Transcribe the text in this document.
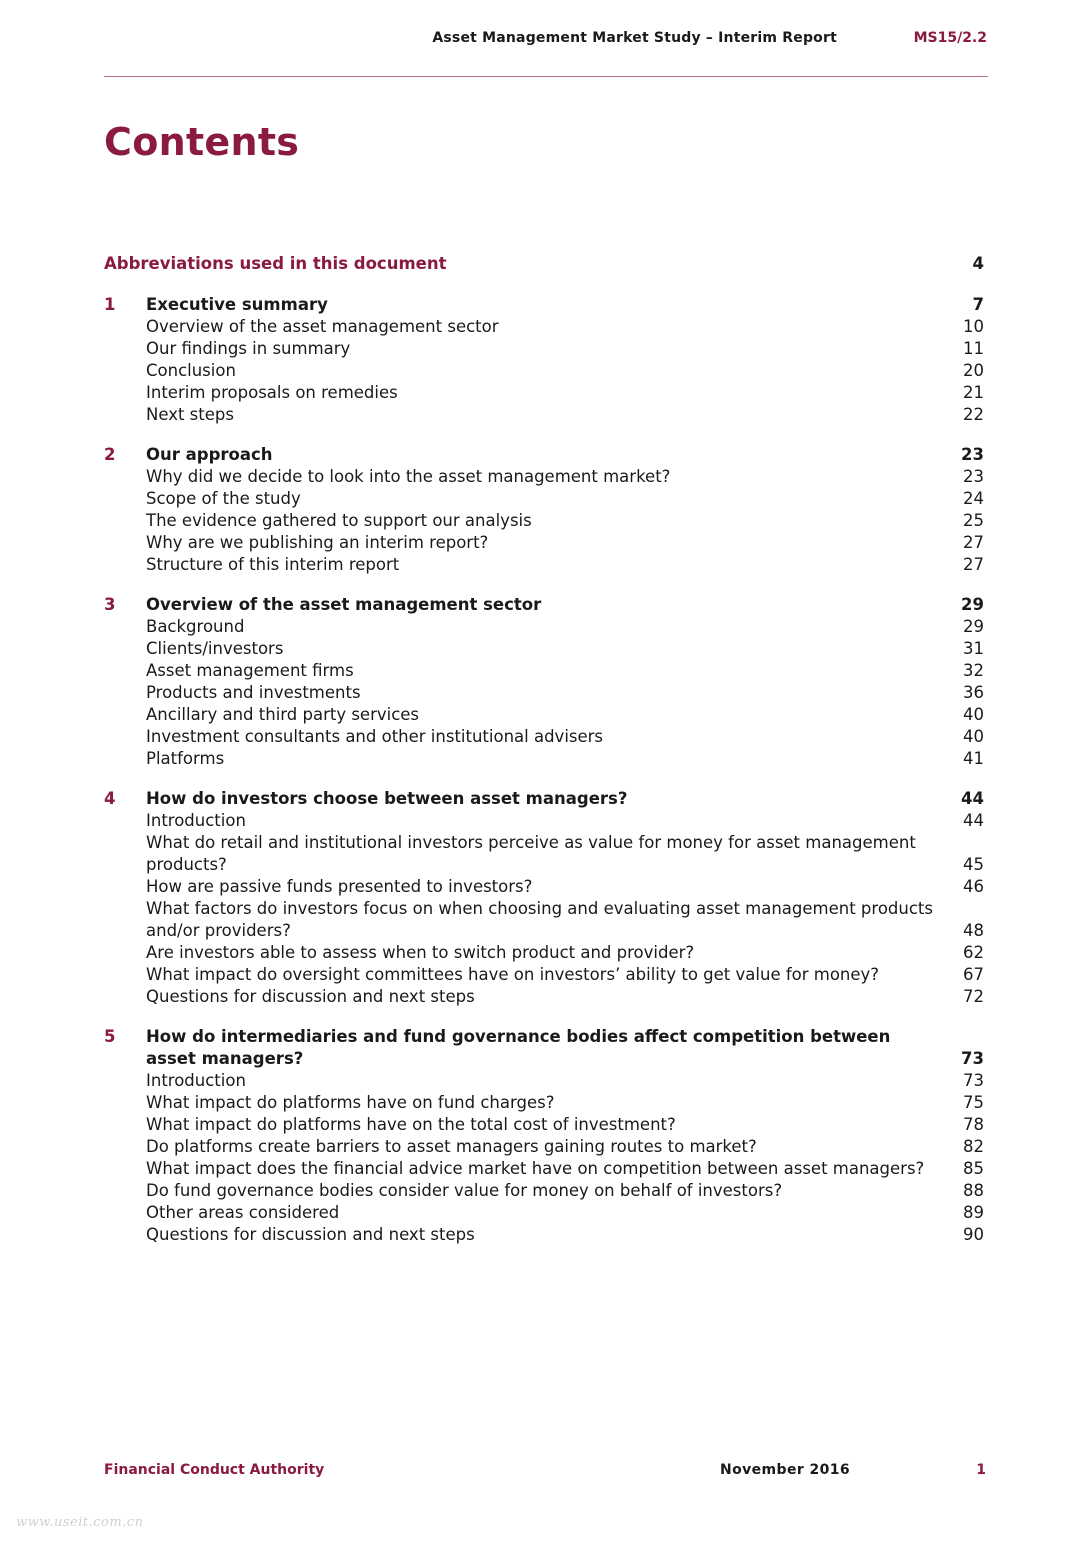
Asset Management Market Study – Interim Report	MS15/2.2
Contents
Abbreviations used in this document	4
1	Executive summary	7
Overview of the asset management sector	10
Our findings in summary	11
Conclusion	20
Interim proposals on remedies	21
Next steps	22
2	Our approach	23
Why did we decide to look into the asset management market?	23
Scope of the study	24
The evidence gathered to support our analysis	25
Why are we publishing an interim report?	27
Structure of this interim report	27
3	Overview of the asset management sector	29
Background	29
Clients/investors	31
Asset management firms	32
Products and investments	36
Ancillary and third party services	40
Investment consultants and other institutional advisers	40
Platforms	41
4	How do investors choose between asset managers?	44
Introduction	44
What do retail and institutional investors perceive as value for money for asset management products?	45
How are passive funds presented to investors?	46
What factors do investors focus on when choosing and evaluating asset management products and/or providers?	48
Are investors able to assess when to switch product and provider?	62
What impact do oversight committees have on investors’ ability to get value for money?	67
Questions for discussion and next steps	72
5	How do intermediaries and fund governance bodies affect competition between asset managers?	73
Introduction	73
What impact do platforms have on fund charges?	75
What impact do platforms have on the total cost of investment?	78
Do platforms create barriers to asset managers gaining routes to market?	82
What impact does the financial advice market have on competition between asset managers?	85
Do fund governance bodies consider value for money on behalf of investors?	88
Other areas considered	89
Questions for discussion and next steps	90
Financial Conduct Authority	November 2016	1
www.useit.com.cn
